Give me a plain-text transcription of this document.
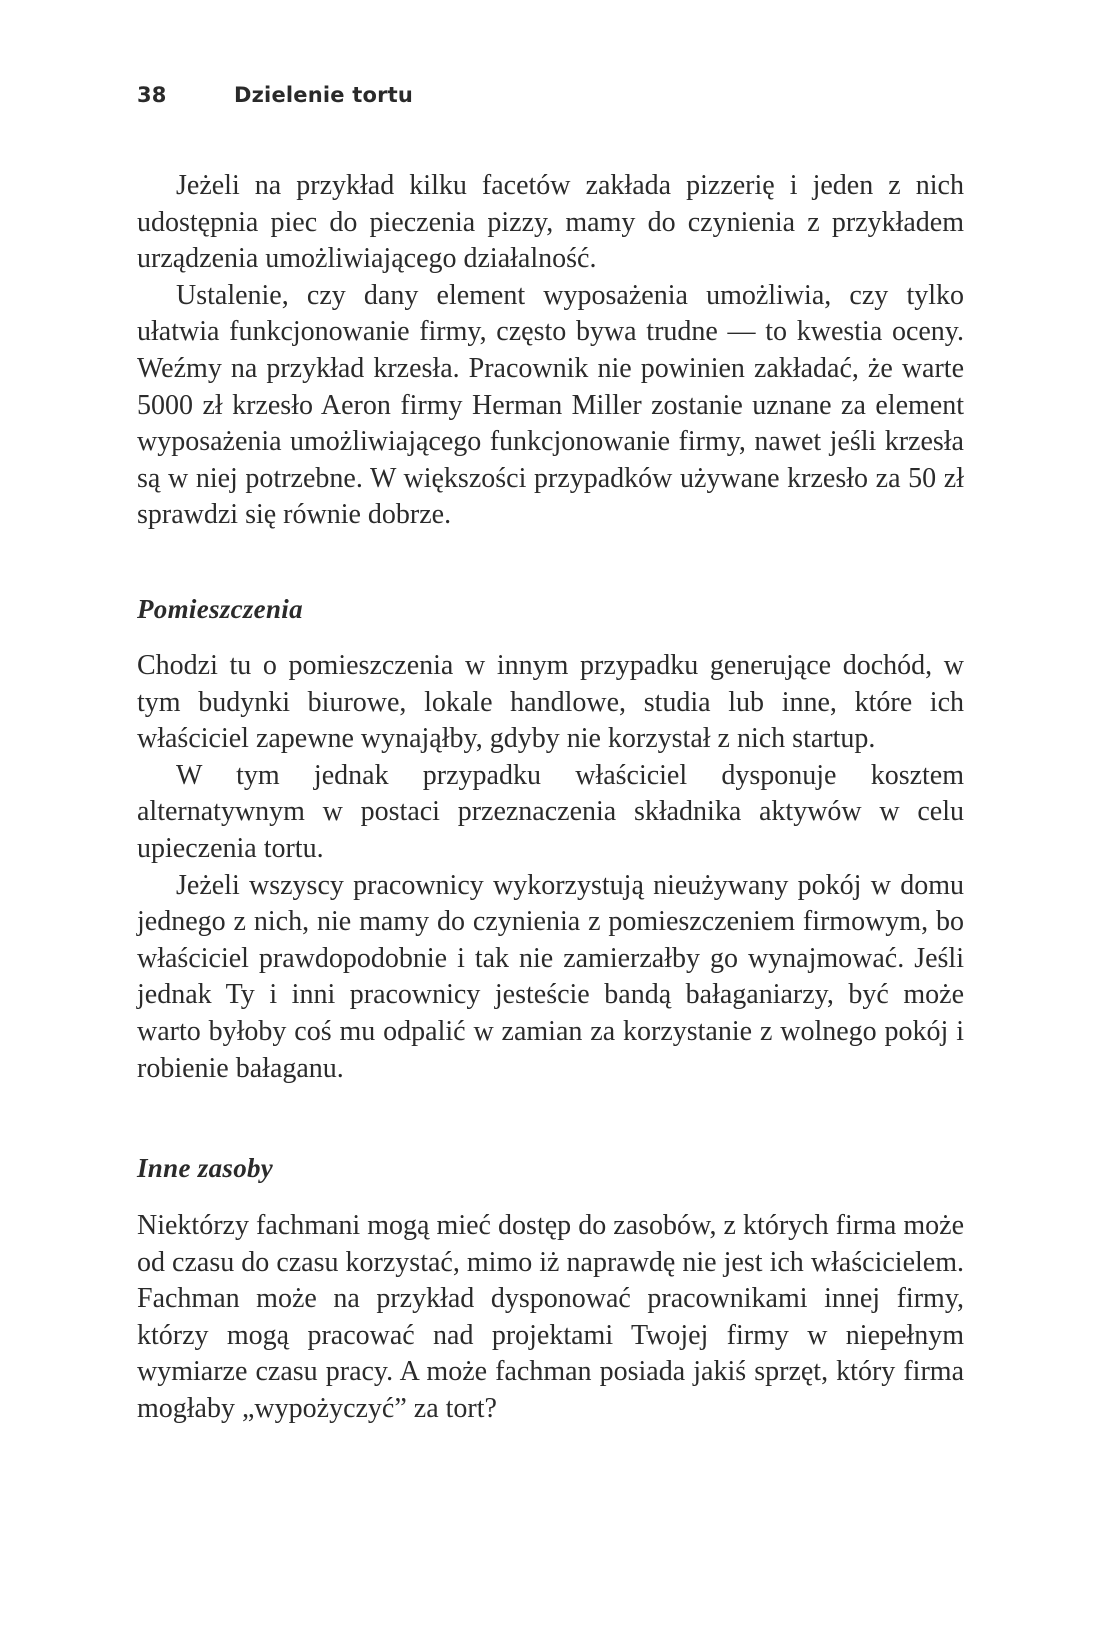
38	Dzielenie tortu

Jeżeli na przykład kilku facetów zakłada pizzerię i jeden z nich udostępnia piec do pieczenia pizzy, mamy do czynienia z przykładem urządzenia umożliwiającego działalność.

Ustalenie, czy dany element wyposażenia umożliwia, czy tylko ułatwia funkcjonowanie firmy, często bywa trudne — to kwestia oceny. Weźmy na przykład krzesła. Pracownik nie powinien zakładać, że warte 5000 zł krzesło Aeron firmy Herman Miller zostanie uznane za element wyposażenia umożliwiającego funkcjonowanie firmy, nawet jeśli krzesła są w niej potrzebne. W większości przypadków używane krzesło za 50 zł sprawdzi się równie dobrze.

Pomieszczenia

Chodzi tu o pomieszczenia w innym przypadku generujące dochód, w tym budynki biurowe, lokale handlowe, studia lub inne, które ich właściciel zapewne wynająłby, gdyby nie korzystał z nich startup.

W tym jednak przypadku właściciel dysponuje kosztem alternatywnym w postaci przeznaczenia składnika aktywów w celu upieczenia tortu.

Jeżeli wszyscy pracownicy wykorzystują nieużywany pokój w domu jednego z nich, nie mamy do czynienia z pomieszczeniem firmowym, bo właściciel prawdopodobnie i tak nie zamierzałby go wynajmować. Jeśli jednak Ty i inni pracownicy jesteście bandą bałaganiarzy, być może warto byłoby coś mu odpalić w zamian za korzystanie z wolnego pokój i robienie bałaganu.

Inne zasoby

Niektórzy fachmani mogą mieć dostęp do zasobów, z których firma może od czasu do czasu korzystać, mimo iż naprawdę nie jest ich właścicielem. Fachman może na przykład dysponować pracownikami innej firmy, którzy mogą pracować nad projektami Twojej firmy w niepełnym wymiarze czasu pracy. A może fachman posiada jakiś sprzęt, który firma mogłaby „wypożyczyć” za tort?
